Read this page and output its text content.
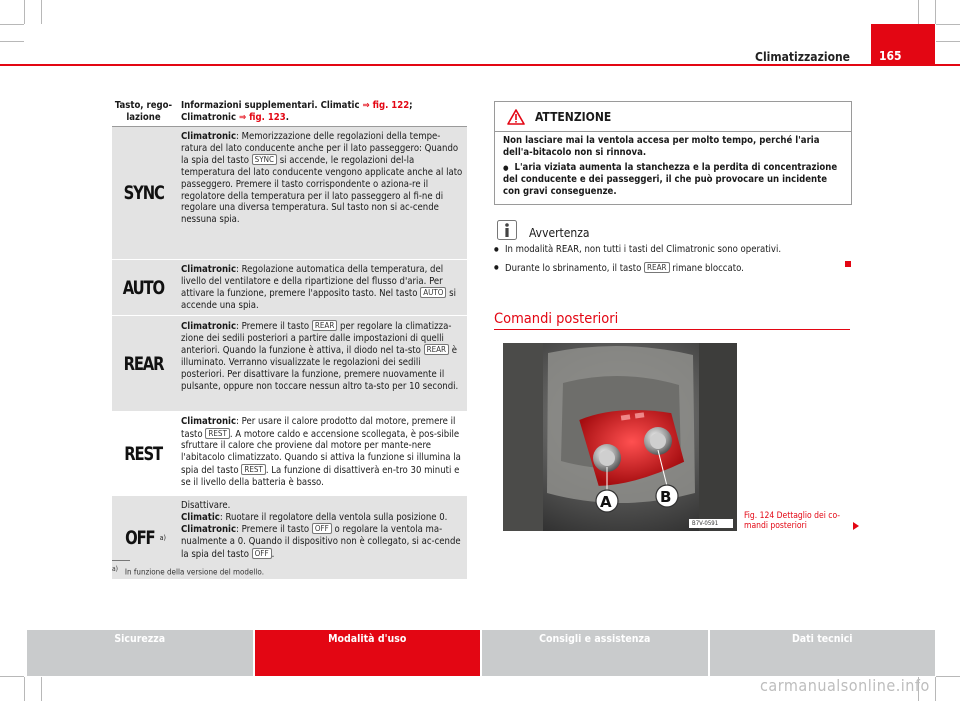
165
Climatizzazione
Tasto, rego-lazione
Informazioni supplementari. Climatic ⇒ fig. 122; Climatronic ⇒ fig. 123.
SYNC
Climatronic: Memorizzazione delle regolazioni della tempe-ratura del lato conducente anche per il lato passeggero: Quando la spia del tasto SYNC si accende, le regolazioni del-la temperatura del lato conducente vengono applicate anche al lato passeggero. Premere il tasto corrispondente o aziona-re il regolatore della temperatura per il lato passeggero al fi-ne di regolare una diversa temperatura. Sul tasto non si ac-cende nessuna spia.
AUTO
Climatronic: Regolazione automatica della temperatura, del livello del ventilatore e della ripartizione del flusso d'aria. Per attivare la funzione, premere l'apposito tasto. Nel tasto AUTO si accende una spia.
REAR
Climatronic: Premere il tasto REAR per regolare la climatizza-zione dei sedili posteriori a partire dalle impostazioni di quelli anteriori. Quando la funzione è attiva, il diodo nel ta-sto REAR è illuminato. Verranno visualizzate le regolazioni dei sedili posteriori. Per disattivare la funzione, premere nuovamente il pulsante, oppure non toccare nessun altro ta-sto per 10 secondi.
REST
Climatronic: Per usare il calore prodotto dal motore, premere il tasto REST . A motore caldo e accensione scollegata, è pos-sibile sfruttare il calore che proviene dal motore per mante-nere l'abitacolo climatizzato. Quando si attiva la funzione si illumina la spia del tasto REST . La funzione di disattiverà en-tro 30 minuti e se il livello della batteria è basso.
OFF a)
Disattivare.
Climatic: Ruotare il regolatore della ventola sulla posizione 0.
Climatronic: Premere il tasto OFF o regolare la ventola ma-nualmente a 0. Quando il dispositivo non è collegato, si ac-cende la spia del tasto OFF .
$^{a)}$ In funzione della versione del modello.
ATTENZIONE

Non lasciare mai la ventola accesa per molto tempo, perché l'aria dell'a-bitacolo non si rinnova.

● L'aria viziata aumenta la stanchezza e la perdita di concentrazione del conducente e dei passeggeri, il che può provocare un incidente con gravi conseguenze.

Avvertenza
● In modalità REAR, non tutti i tasti del Climatronic sono operativi.
● Durante lo sbrinamento, il tasto REAR rimane bloccato.
Comandi posteriori
A	B
B7V-0591
Fig. 124 Dettaglio dei co-mandi posteriori
Sicurezza	Modalità d'uso	Consigli e assistenza	Dati tecnici
carmanualsonline.info
